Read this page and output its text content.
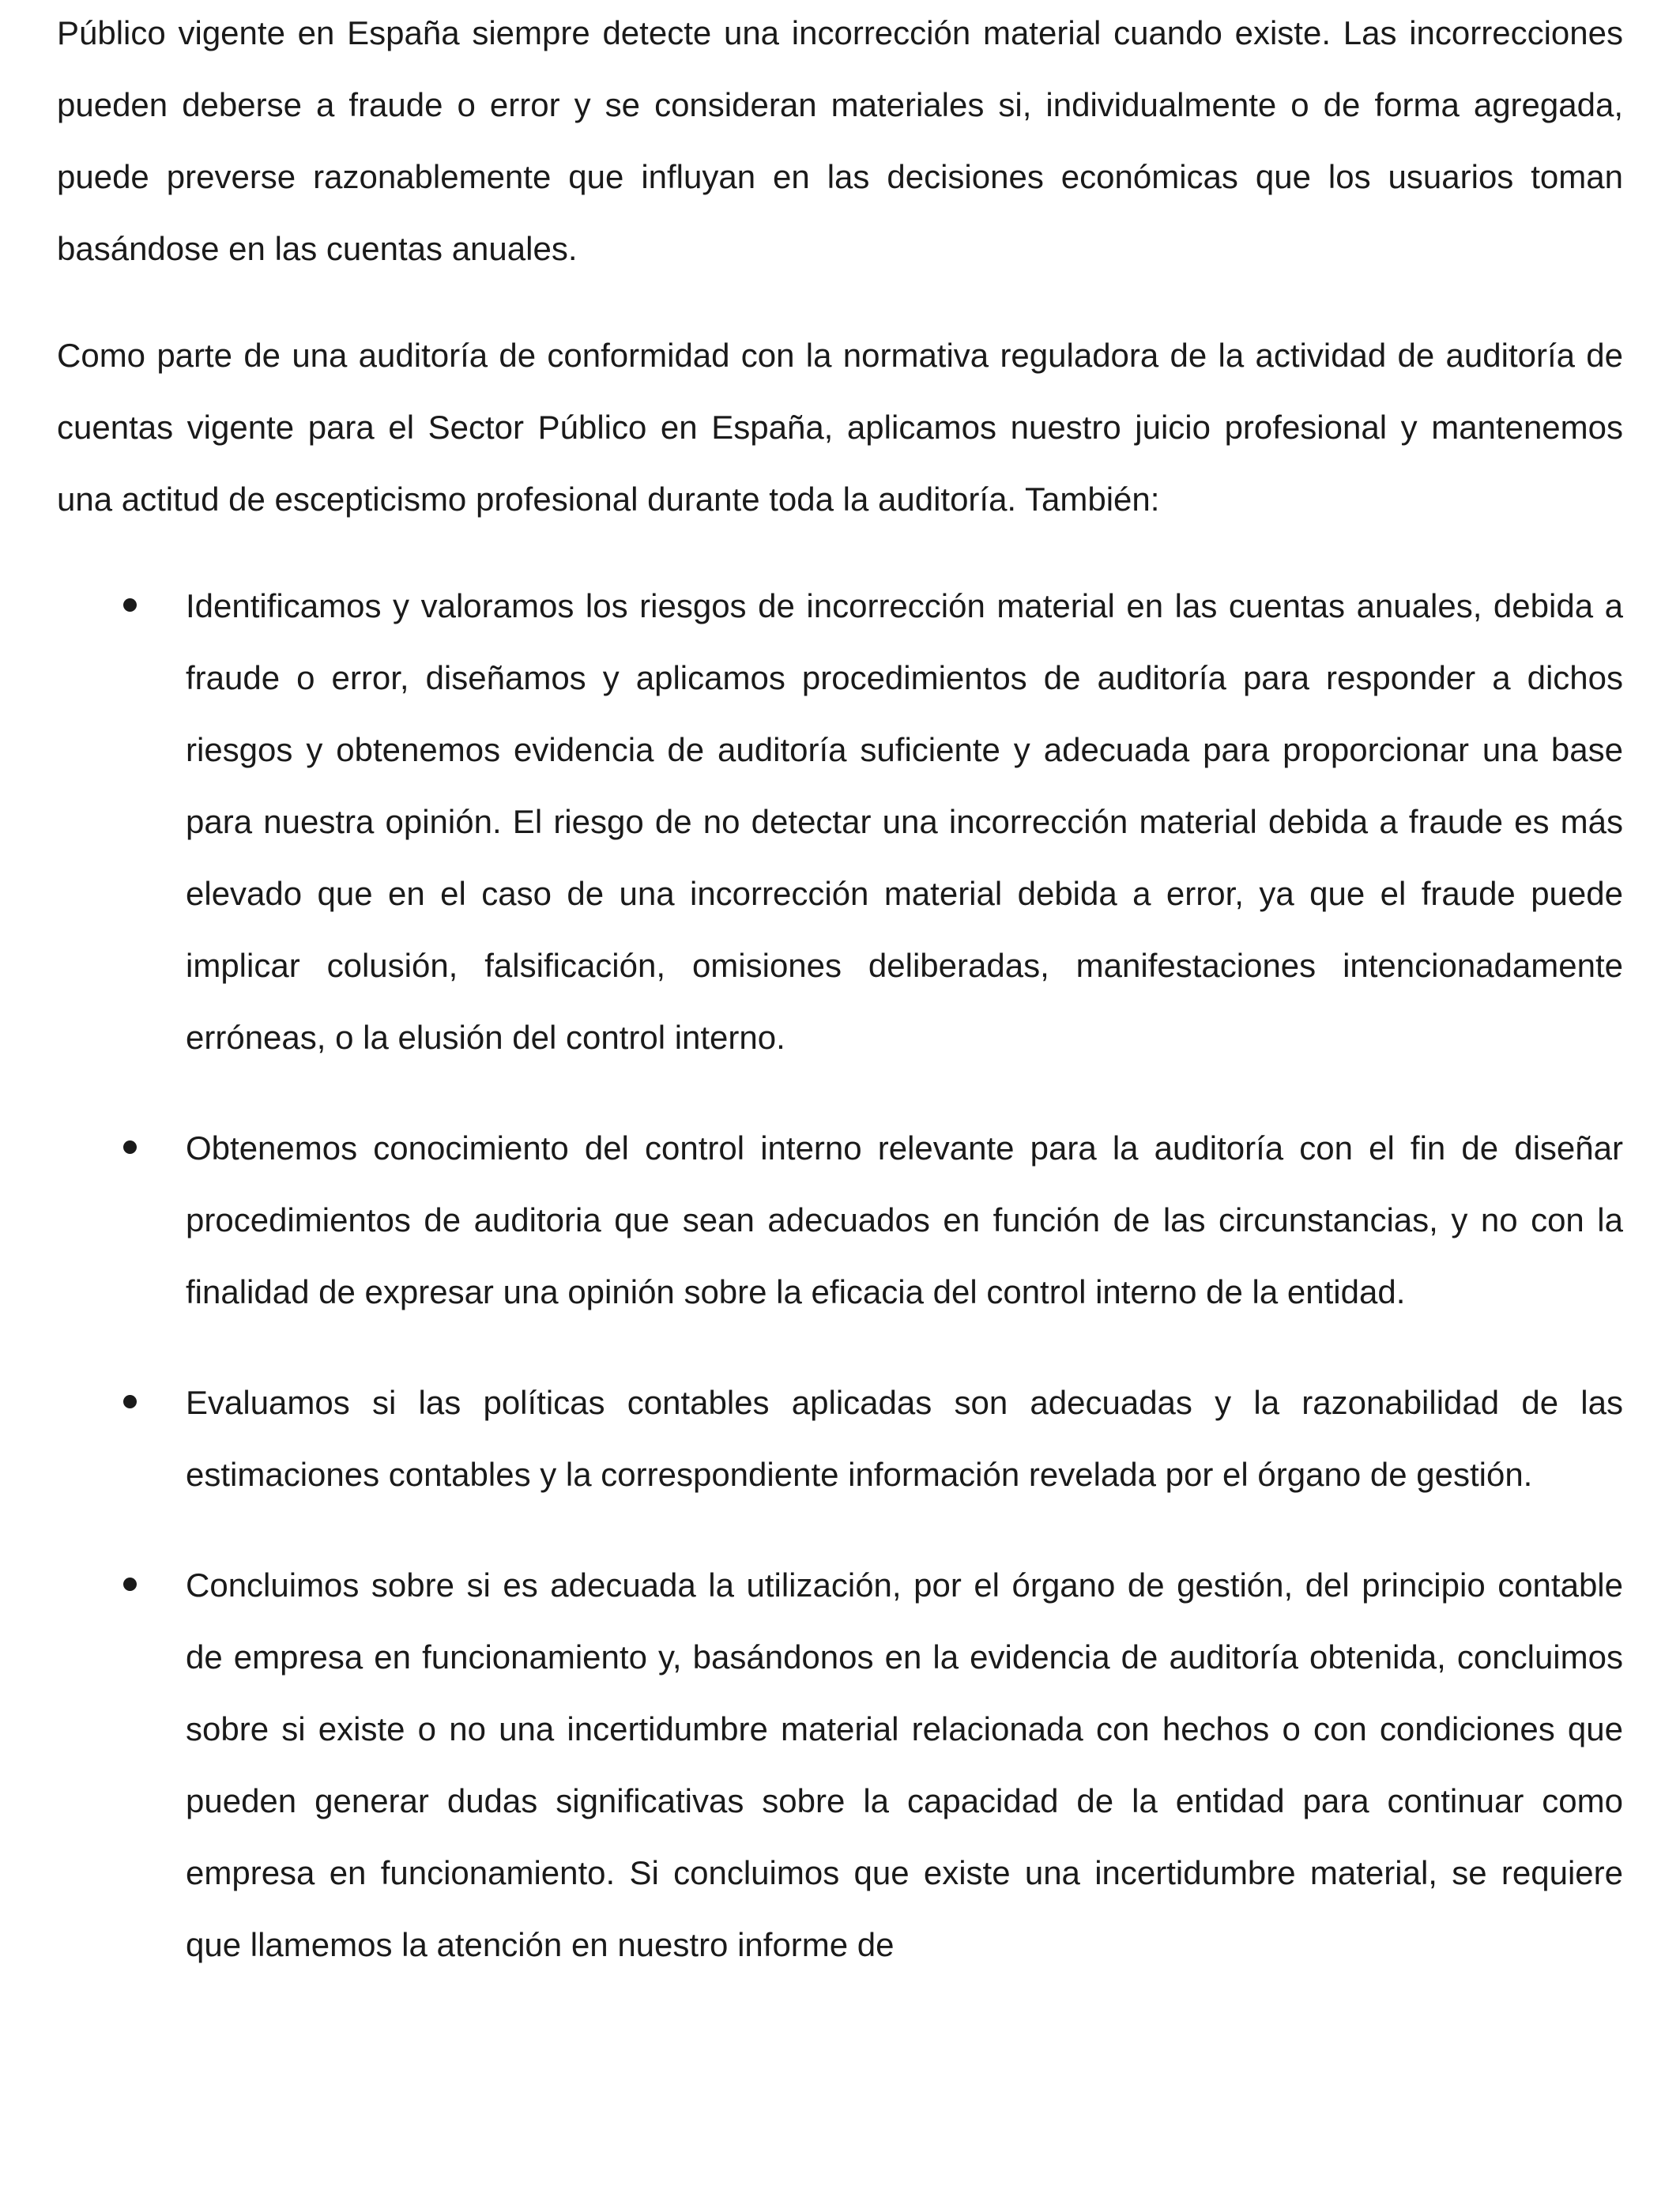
Público vigente en España siempre detecte una incorrección material cuando existe. Las incorrecciones pueden deberse a fraude o error y se consideran materiales si, individualmente o de forma agregada, puede preverse razonablemente que influyan en las decisiones económicas que los usuarios toman basándose en las cuentas anuales.

Como parte de una auditoría de conformidad con la normativa reguladora de la actividad de auditoría de cuentas vigente para el Sector Público en España, aplicamos nuestro juicio profesional y mantenemos una actitud de escepticismo profesional durante toda la auditoría. También:

Identificamos y valoramos los riesgos de incorrección material en las cuentas anuales, debida a fraude o error, diseñamos y aplicamos procedimientos de auditoría para responder a dichos riesgos y obtenemos evidencia de auditoría suficiente y adecuada para proporcionar una base para nuestra opinión. El riesgo de no detectar una incorrección material debida a fraude es más elevado que en el caso de una incorrección material debida a error, ya que el fraude puede implicar colusión, falsificación, omisiones deliberadas, manifestaciones intencionadamente erróneas, o la elusión del control interno.

Obtenemos conocimiento del control interno relevante para la auditoría con el fin de diseñar procedimientos de auditoria que sean adecuados en función de las circunstancias, y no con la finalidad de expresar una opinión sobre la eficacia del control interno de la entidad.

Evaluamos si las políticas contables aplicadas son adecuadas y la razonabilidad de las estimaciones contables y la correspondiente información revelada por el órgano de gestión.

Concluimos sobre si es adecuada la utilización, por el órgano de gestión, del principio contable de empresa en funcionamiento y, basándonos en la evidencia de auditoría obtenida, concluimos sobre si existe o no una incertidumbre material relacionada con hechos o con condiciones que pueden generar dudas significativas sobre la capacidad de la entidad para continuar como empresa en funcionamiento. Si concluimos que existe una incertidumbre material, se requiere que llamemos la atención en nuestro informe de
